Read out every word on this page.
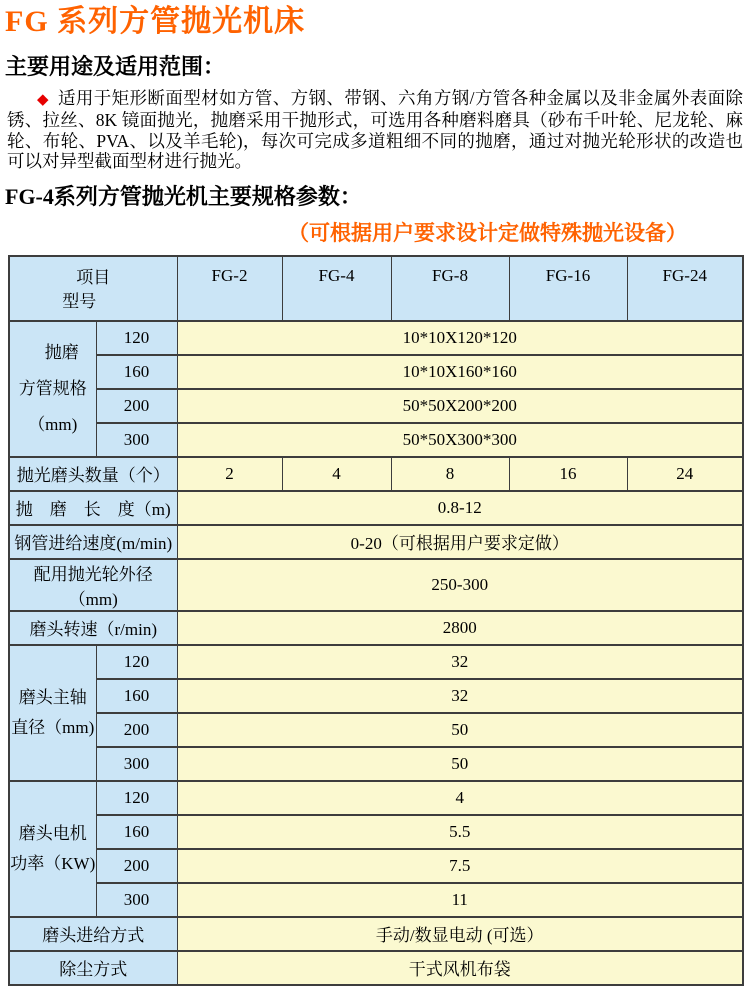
FG 系列方管抛光机床
主要用途及适用范围：

◆ 适用于矩形断面型材如方管、方钢、带钢、六角方钢/方管各种金属以及非金属外表面除锈、拉丝、8K 镜面抛光，抛磨采用干抛形式，可选用各种磨料磨具（砂布千叶轮、尼龙轮、麻轮、布轮、PVA、以及羊毛轮)，每次可完成多道粗细不同的抛磨，通过对抛光轮形状的改造也可以对异型截面型材进行抛光。

FG-4系列方管抛光机主要规格参数：
（可根据用户要求设计定做特殊抛光设备）
项目
型号		FG-2	FG-4	FG-8	FG-16	FG-24

抛磨
方管规格
（mm)	120	10*10X120*120				
	160	10*10X160*160				
	200	50*50X200*200				
	300	50*50X300*300				
抛光磨头数量（个）		2	4	8	16	24
抛　磨　长　度（m)		0.8-12				
钢管进给速度(m/min)		0-20（可根据用户要求定做）				
配用抛光轮外径（mm)		250-300				
磨头转速（r/min)		2800				

磨头主轴
直径（mm)	120	32				
	160	32				
	200	50				
	300	50				

磨头电机
功率（KW)	120	4				
	160	5.5				
	200	7.5				
	300	11				
磨头进给方式		手动/数显电动 (可选）				
除尘方式		干式风机布袋				
